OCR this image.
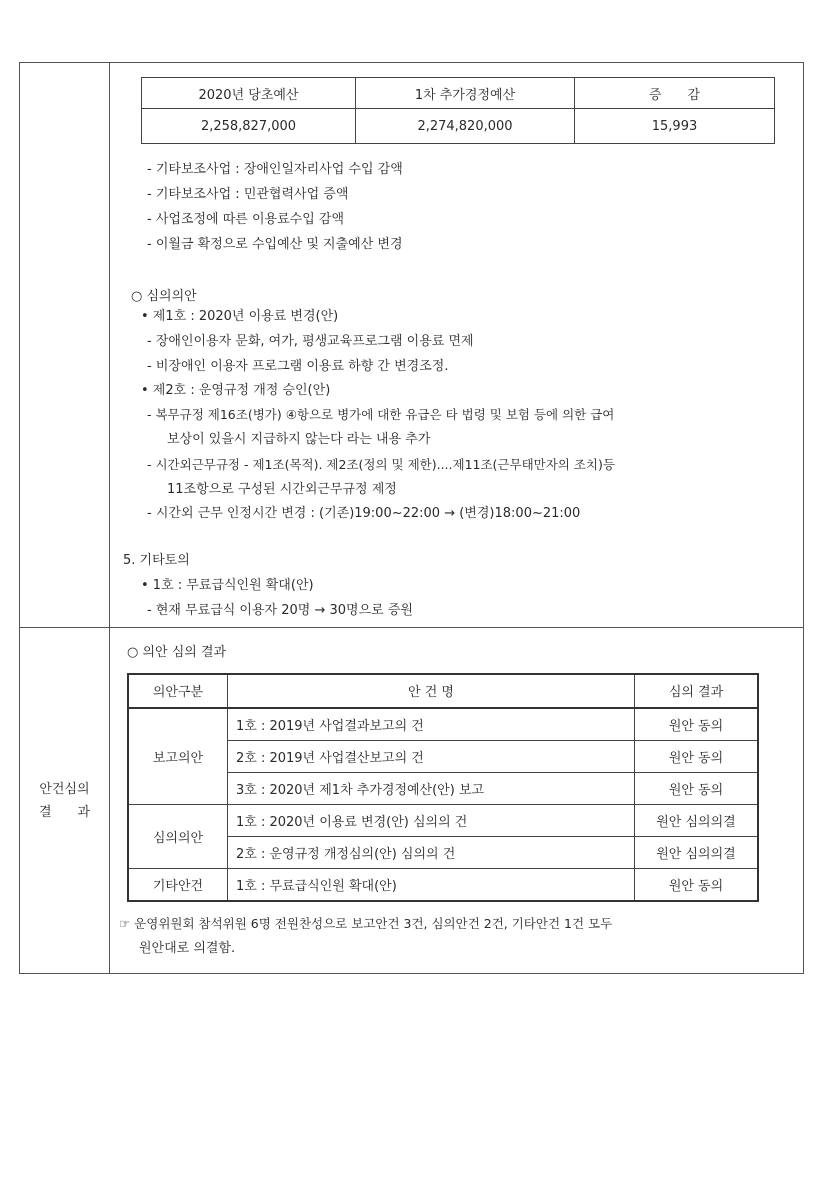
2020년 당초예산	1차 추가경정예산	증　　감
2,258,827,000	2,274,820,000	15,993
- 기타보조사업 : 장애인일자리사업 수입 감액
- 기타보조사업 : 민관협력사업 증액
- 사업조정에 따른 이용료수입 감액
- 이월금 확정으로 수입예산 및 지출예산 변경
○ 심의의안
• 제1호 : 2020년 이용료 변경(안)
- 장애인이용자 문화, 여가, 평생교육프로그램 이용료 면제
- 비장애인 이용자 프로그램 이용료 하향 간 변경조정.
• 제2호 : 운영규정 개정 승인(안)
- 복무규정 제16조(병가) ④항으로 병가에 대한 유급은 타 법령 및 보험 등에 의한 급여
보상이 있을시 지급하지 않는다 라는 내용 추가
- 시간외근무규정 - 제1조(목적). 제2조(정의 및 제한)....제11조(근무태만자의 조치)등
11조항으로 구성된 시간외근무규정 제정
- 시간외 근무 인정시간 변경 : (기존)19:00~22:00 → (변경)18:00~21:00
5. 기타토의
• 1호 : 무료급식인원 확대(안)
- 현재 무료급식 이용자 20명 → 30명으로 증원

안건심의
결　　과

○ 의안 심의 결과
의안구분	안 건 명	심의 결과
보고의안	1호 : 2019년 사업결과보고의 건	원안 동의
2호 : 2019년 사업결산보고의 건	원안 동의
3호 : 2020년 제1차 추가경정예산(안) 보고	원안 동의
심의의안	1호 : 2020년 이용료 변경(안) 심의의 건	원안 심의의결
2호 : 운영규정 개정심의(안) 심의의 건	원안 심의의결
기타안건	1호 : 무료급식인원 확대(안)	원안 동의
☞ 운영위원회 참석위원 6명 전원찬성으로 보고안건 3건, 심의안건 2건, 기타안건 1건 모두
원안대로 의결함.
